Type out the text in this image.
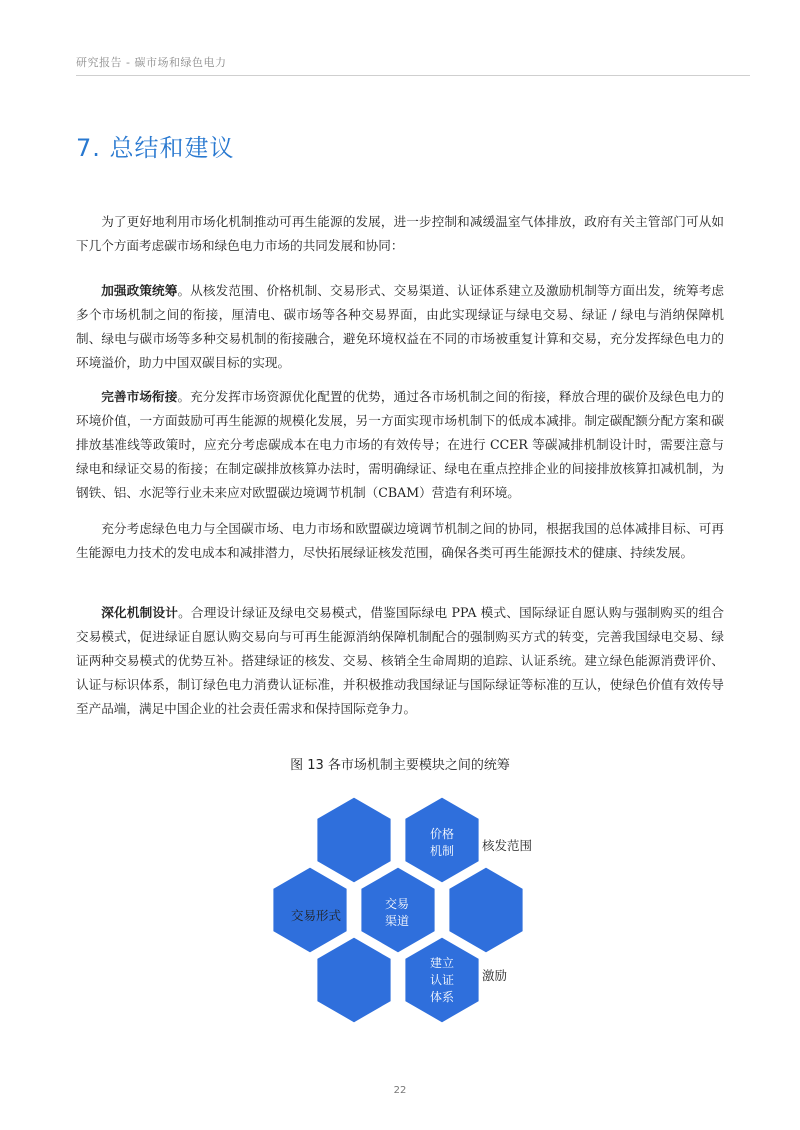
研究报告 - 碳市场和绿色电力
7. 总结和建议

为了更好地利用市场化机制推动可再生能源的发展，进一步控制和减缓温室气体排放，政府有关主管部门可从如下几个方面考虑碳市场和绿色电力市场的共同发展和协同：

加强政策统筹。从核发范围、价格机制、交易形式、交易渠道、认证体系建立及激励机制等方面出发，统筹考虑多个市场机制之间的衔接，厘清电、碳市场等各种交易界面，由此实现绿证与绿电交易、绿证 / 绿电与消纳保障机制、绿电与碳市场等多种交易机制的衔接融合，避免环境权益在不同的市场被重复计算和交易，充分发挥绿色电力的环境溢价，助力中国双碳目标的实现。

完善市场衔接。充分发挥市场资源优化配置的优势，通过各市场机制之间的衔接，释放合理的碳价及绿色电力的环境价值，一方面鼓励可再生能源的规模化发展，另一方面实现市场机制下的低成本减排。制定碳配额分配方案和碳排放基准线等政策时，应充分考虑碳成本在电力市场的有效传导；在进行 CCER 等碳减排机制设计时，需要注意与绿电和绿证交易的衔接；在制定碳排放核算办法时，需明确绿证、绿电在重点控排企业的间接排放核算扣减机制，为钢铁、铝、水泥等行业未来应对欧盟碳边境调节机制（CBAM）营造有利环境。

充分考虑绿色电力与全国碳市场、电力市场和欧盟碳边境调节机制之间的协同，根据我国的总体减排目标、可再生能源电力技术的发电成本和减排潜力，尽快拓展绿证核发范围，确保各类可再生能源技术的健康、持续发展。

深化机制设计。合理设计绿证及绿电交易模式，借鉴国际绿电 PPA 模式、国际绿证自愿认购与强制购买的组合交易模式，促进绿证自愿认购交易向与可再生能源消纳保障机制配合的强制购买方式的转变，完善我国绿电交易、绿证两种交易模式的优势互补。搭建绿证的核发、交易、核销全生命周期的追踪、认证系统。建立绿色能源消费评价、认证与标识体系，制订绿色电力消费认证标准，并积极推动我国绿证与国际绿证等标准的互认，使绿色价值有效传导至产品端，满足中国企业的社会责任需求和保持国际竞争力。

图 13 各市场机制主要模块之间的统筹
价格
机制
交易
渠道
建立
认证
体系
核发范围
交易形式
激励
22
